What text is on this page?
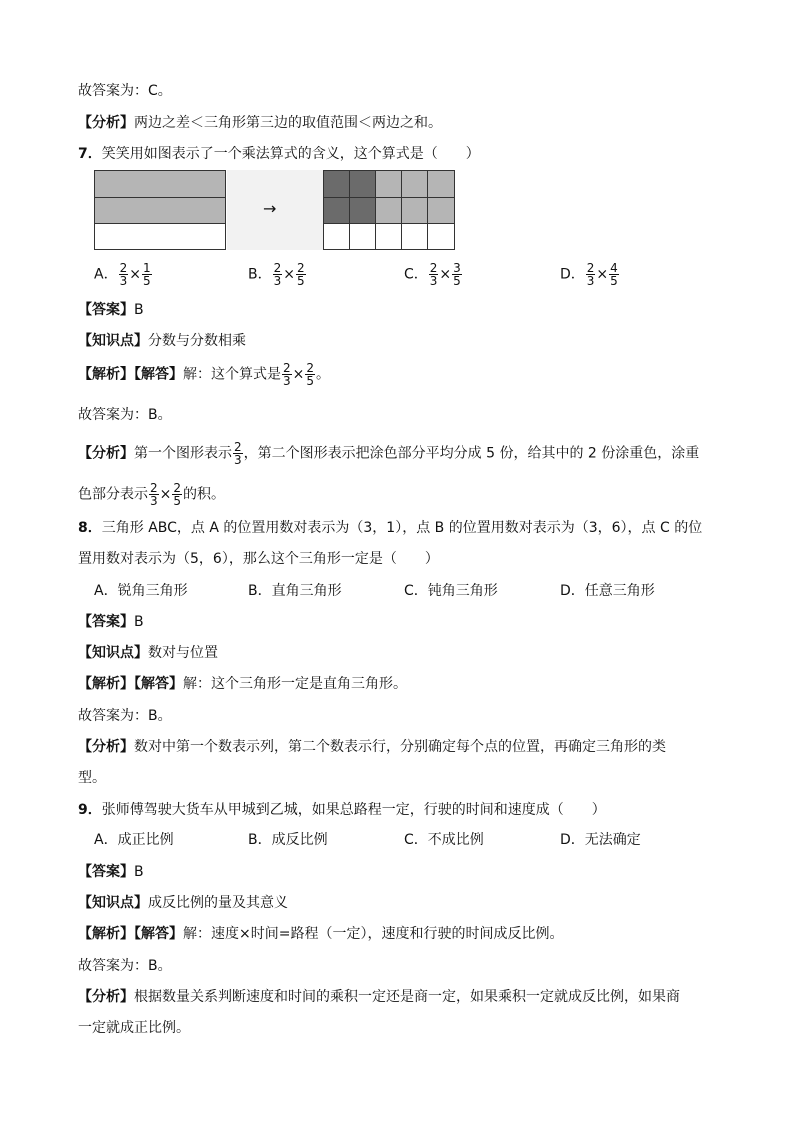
故答案为：C。
【分析】两边之差＜三角形第三边的取值范围＜两边之和。
7．笑笑用如图表示了一个乘法算式的含义，这个算式是（　　）
→
A． $\frac{2}{3} \times \frac{1}{5}$	B． $\frac{2}{3} \times \frac{2}{5}$	C． $\frac{2}{3} \times \frac{3}{5}$	D． $\frac{2}{3} \times \frac{4}{5}$
【答案】B
【知识点】分数与分数相乘
【解析】【解答】解：这个算式是 $\frac{2}{3} \times \frac{2}{5}$ 。
故答案为：B。
【分析】第一个图形表示 $\frac{2}{3}$ ，第二个图形表示把涂色部分平均分成 5 份，给其中的 2 份涂重色，涂重
色部分表示 $\frac{2}{3} \times \frac{2}{5}$ 的积。
8．三角形 ABC，点 A 的位置用数对表示为（3，1），点 B 的位置用数对表示为（3，6），点 C 的位
置用数对表示为（5，6），那么这个三角形一定是（　　）
A．锐角三角形	B．直角三角形	C．钝角三角形	D．任意三角形
【答案】B
【知识点】数对与位置
【解析】【解答】解：这个三角形一定是直角三角形。
故答案为：B。
【分析】数对中第一个数表示列，第二个数表示行，分别确定每个点的位置，再确定三角形的类
型。
9．张师傅驾驶大货车从甲城到乙城，如果总路程一定，行驶的时间和速度成（　　）
A．成正比例	B．成反比例	C．不成比例	D．无法确定
【答案】B
【知识点】成反比例的量及其意义
【解析】【解答】解：速度×时间=路程（一定），速度和行驶的时间成反比例。
故答案为：B。
【分析】根据数量关系判断速度和时间的乘积一定还是商一定，如果乘积一定就成反比例，如果商
一定就成正比例。
